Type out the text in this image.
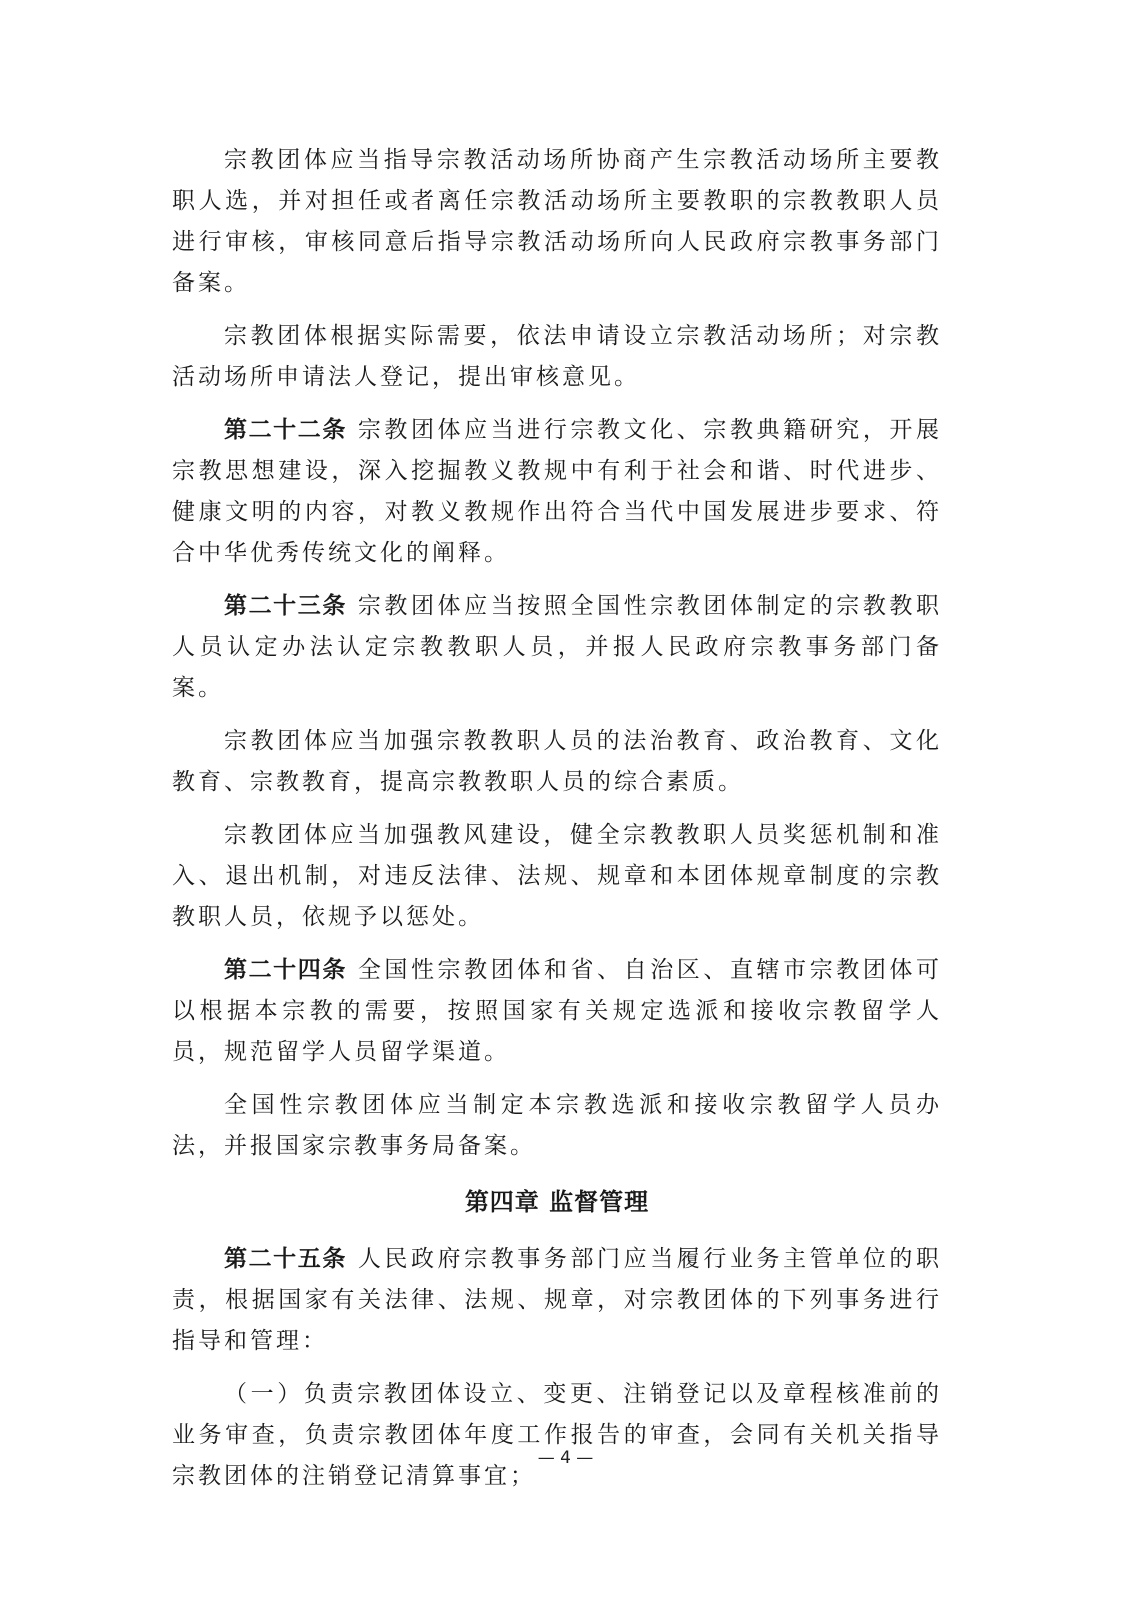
宗教团体应当指导宗教活动场所协商产生宗教活动场所主要教职人选，并对担任或者离任宗教活动场所主要教职的宗教教职人员进行审核，审核同意后指导宗教活动场所向人民政府宗教事务部门备案。

宗教团体根据实际需要，依法申请设立宗教活动场所；对宗教活动场所申请法人登记，提出审核意见。

第二十二条 宗教团体应当进行宗教文化、宗教典籍研究，开展宗教思想建设，深入挖掘教义教规中有利于社会和谐、时代进步、健康文明的内容，对教义教规作出符合当代中国发展进步要求、符合中华优秀传统文化的阐释。

第二十三条 宗教团体应当按照全国性宗教团体制定的宗教教职人员认定办法认定宗教教职人员，并报人民政府宗教事务部门备案。

宗教团体应当加强宗教教职人员的法治教育、政治教育、文化教育、宗教教育，提高宗教教职人员的综合素质。

宗教团体应当加强教风建设，健全宗教教职人员奖惩机制和准入、退出机制，对违反法律、法规、规章和本团体规章制度的宗教教职人员，依规予以惩处。

第二十四条 全国性宗教团体和省、自治区、直辖市宗教团体可以根据本宗教的需要，按照国家有关规定选派和接收宗教留学人员，规范留学人员留学渠道。

全国性宗教团体应当制定本宗教选派和接收宗教留学人员办法，并报国家宗教事务局备案。

第四章 监督管理

第二十五条 人民政府宗教事务部门应当履行业务主管单位的职责，根据国家有关法律、法规、规章，对宗教团体的下列事务进行指导和管理：

（一）负责宗教团体设立、变更、注销登记以及章程核准前的业务审查，负责宗教团体年度工作报告的审查，会同有关机关指导宗教团体的注销登记清算事宜；

— 4 —
